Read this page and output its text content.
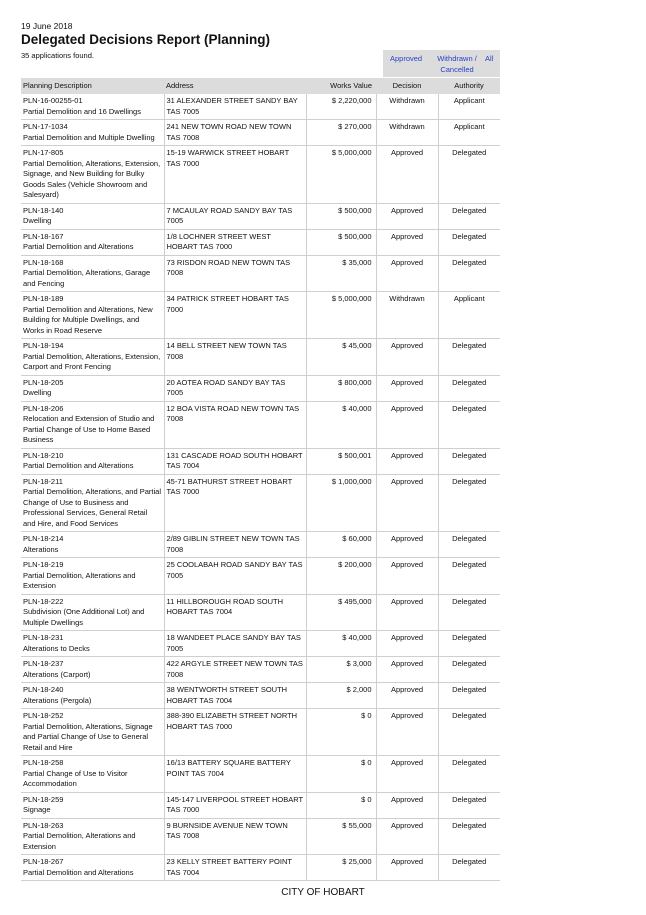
19 June 2018
Delegated Decisions Report (Planning)
35 applications found.	Approved	Withdrawn / Cancelled
All
Planning Description	Address	Works Value	Decision	Authority

PLN-16-00255-01
Partial Demolition and 16 Dwellings	31 ALEXANDER STREET SANDY BAY TAS 7005	$ 2,220,000	Withdrawn	Applicant

PLN-17-1034
Partial Demolition and Multiple Dwelling	241 NEW TOWN ROAD NEW TOWN TAS 7008	$ 270,000	Withdrawn	Applicant

PLN-17-805
Partial Demolition, Alterations, Extension, Signage, and New Building for Bulky Goods Sales (Vehicle Showroom and Salesyard)	15-19 WARWICK STREET HOBART TAS 7000	$ 5,000,000	Approved	Delegated

PLN-18-140
Dwelling	7 MCAULAY ROAD SANDY BAY TAS 7005	$ 500,000	Approved	Delegated

PLN-18-167
Partial Demolition and Alterations	1/8 LOCHNER STREET WEST HOBART TAS 7000	$ 500,000	Approved	Delegated

PLN-18-168
Partial Demolition, Alterations, Garage and Fencing	73 RISDON ROAD NEW TOWN TAS 7008	$ 35,000	Approved	Delegated

PLN-18-189
Partial Demolition and Alterations, New Building for Multiple Dwellings, and Works in Road Reserve	34 PATRICK STREET HOBART TAS 7000	$ 5,000,000	Withdrawn	Applicant

PLN-18-194
Partial Demolition, Alterations, Extension, Carport and Front Fencing	14 BELL STREET NEW TOWN TAS 7008	$ 45,000	Approved	Delegated

PLN-18-205
Dwelling	20 AOTEA ROAD SANDY BAY TAS 7005	$ 800,000	Approved	Delegated

PLN-18-206
Relocation and Extension of Studio and Partial Change of Use to Home Based Business	12 BOA VISTA ROAD NEW TOWN TAS 7008	$ 40,000	Approved	Delegated

PLN-18-210
Partial Demolition and Alterations	131 CASCADE ROAD SOUTH HOBART TAS 7004	$ 500,001	Approved	Delegated

PLN-18-211
Partial Demolition, Alterations, and Partial Change of Use to Business and Professional Services, General Retail and Hire, and Food Services	45-71 BATHURST STREET HOBART TAS 7000	$ 1,000,000	Approved	Delegated

PLN-18-214
Alterations	2/89 GIBLIN STREET NEW TOWN TAS 7008	$ 60,000	Approved	Delegated

PLN-18-219
Partial Demolition, Alterations and Extension	25 COOLABAH ROAD SANDY BAY TAS 7005	$ 200,000	Approved	Delegated

PLN-18-222
Subdivision (One Additional Lot) and Multiple Dwellings	11 HILLBOROUGH ROAD SOUTH HOBART TAS 7004	$ 495,000	Approved	Delegated

PLN-18-231
Alterations to Decks	18 WANDEET PLACE SANDY BAY TAS 7005	$ 40,000	Approved	Delegated

PLN-18-237
Alterations (Carport)	422 ARGYLE STREET NEW TOWN TAS 7008	$ 3,000	Approved	Delegated

PLN-18-240
Alterations (Pergola)	38 WENTWORTH STREET SOUTH HOBART TAS 7004	$ 2,000	Approved	Delegated

PLN-18-252
Partial Demolition, Alterations, Signage and Partial Change of Use to General Retail and Hire	388-390 ELIZABETH STREET NORTH HOBART TAS 7000	$ 0	Approved	Delegated

PLN-18-258
Partial Change of Use to Visitor Accommodation	16/13 BATTERY SQUARE BATTERY POINT TAS 7004	$ 0	Approved	Delegated

PLN-18-259
Signage	145-147 LIVERPOOL STREET HOBART TAS 7000	$ 0	Approved	Delegated

PLN-18-263
Partial Demolition, Alterations and Extension	9 BURNSIDE AVENUE NEW TOWN TAS 7008	$ 55,000	Approved	Delegated

PLN-18-267
Partial Demolition and Alterations	23 KELLY STREET BATTERY POINT TAS 7004	$ 25,000	Approved	Delegated
CITY OF HOBART
